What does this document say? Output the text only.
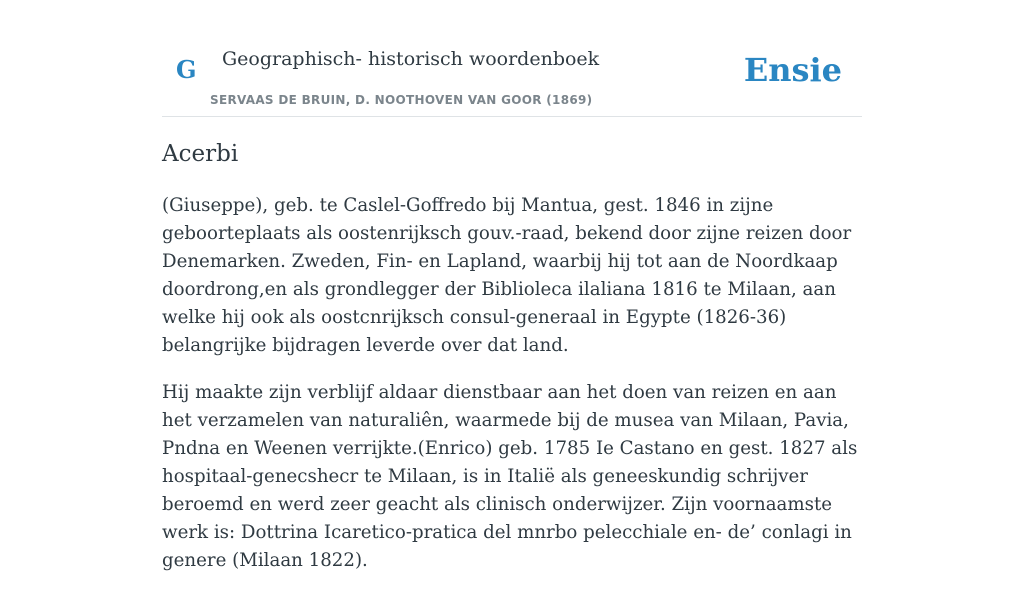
G Geographisch- historisch woordenboek
SERVAAS DE BRUIN, D. NOOTHOVEN VAN GOOR (1869)
Ensie
Acerbi

(Giuseppe), geb. te Caslel-Goffredo bij Mantua, gest. 1846 in zijne geboorteplaats als oostenrijksch gouv.-raad, bekend door zijne reizen door Denemarken. Zweden, Fin- en Lapland, waarbij hij tot aan de Noordkaap doordrong,en als grondlegger der Biblioleca ilaliana 1816 te Milaan, aan welke hij ook als oostcnrijksch consul-generaal in Egypte (1826-36) belangrijke bijdragen leverde over dat land.

Hij maakte zijn verblijf aldaar dienstbaar aan het doen van reizen en aan het verzamelen van naturaliên, waarmede bij de musea van Milaan, Pavia, Pndna en Weenen verrijkte.(Enrico) geb. 1785 Ie Castano en gest. 1827 als hospitaal-genecshecr te Milaan, is in Italië als geneeskundig schrijver beroemd en werd zeer geacht als clinisch onderwijzer. Zijn voornaamste werk is: Dottrina Icaretico-pratica del mnrbo pelecchiale en- de’ conlagi in genere (Milaan 1822).
